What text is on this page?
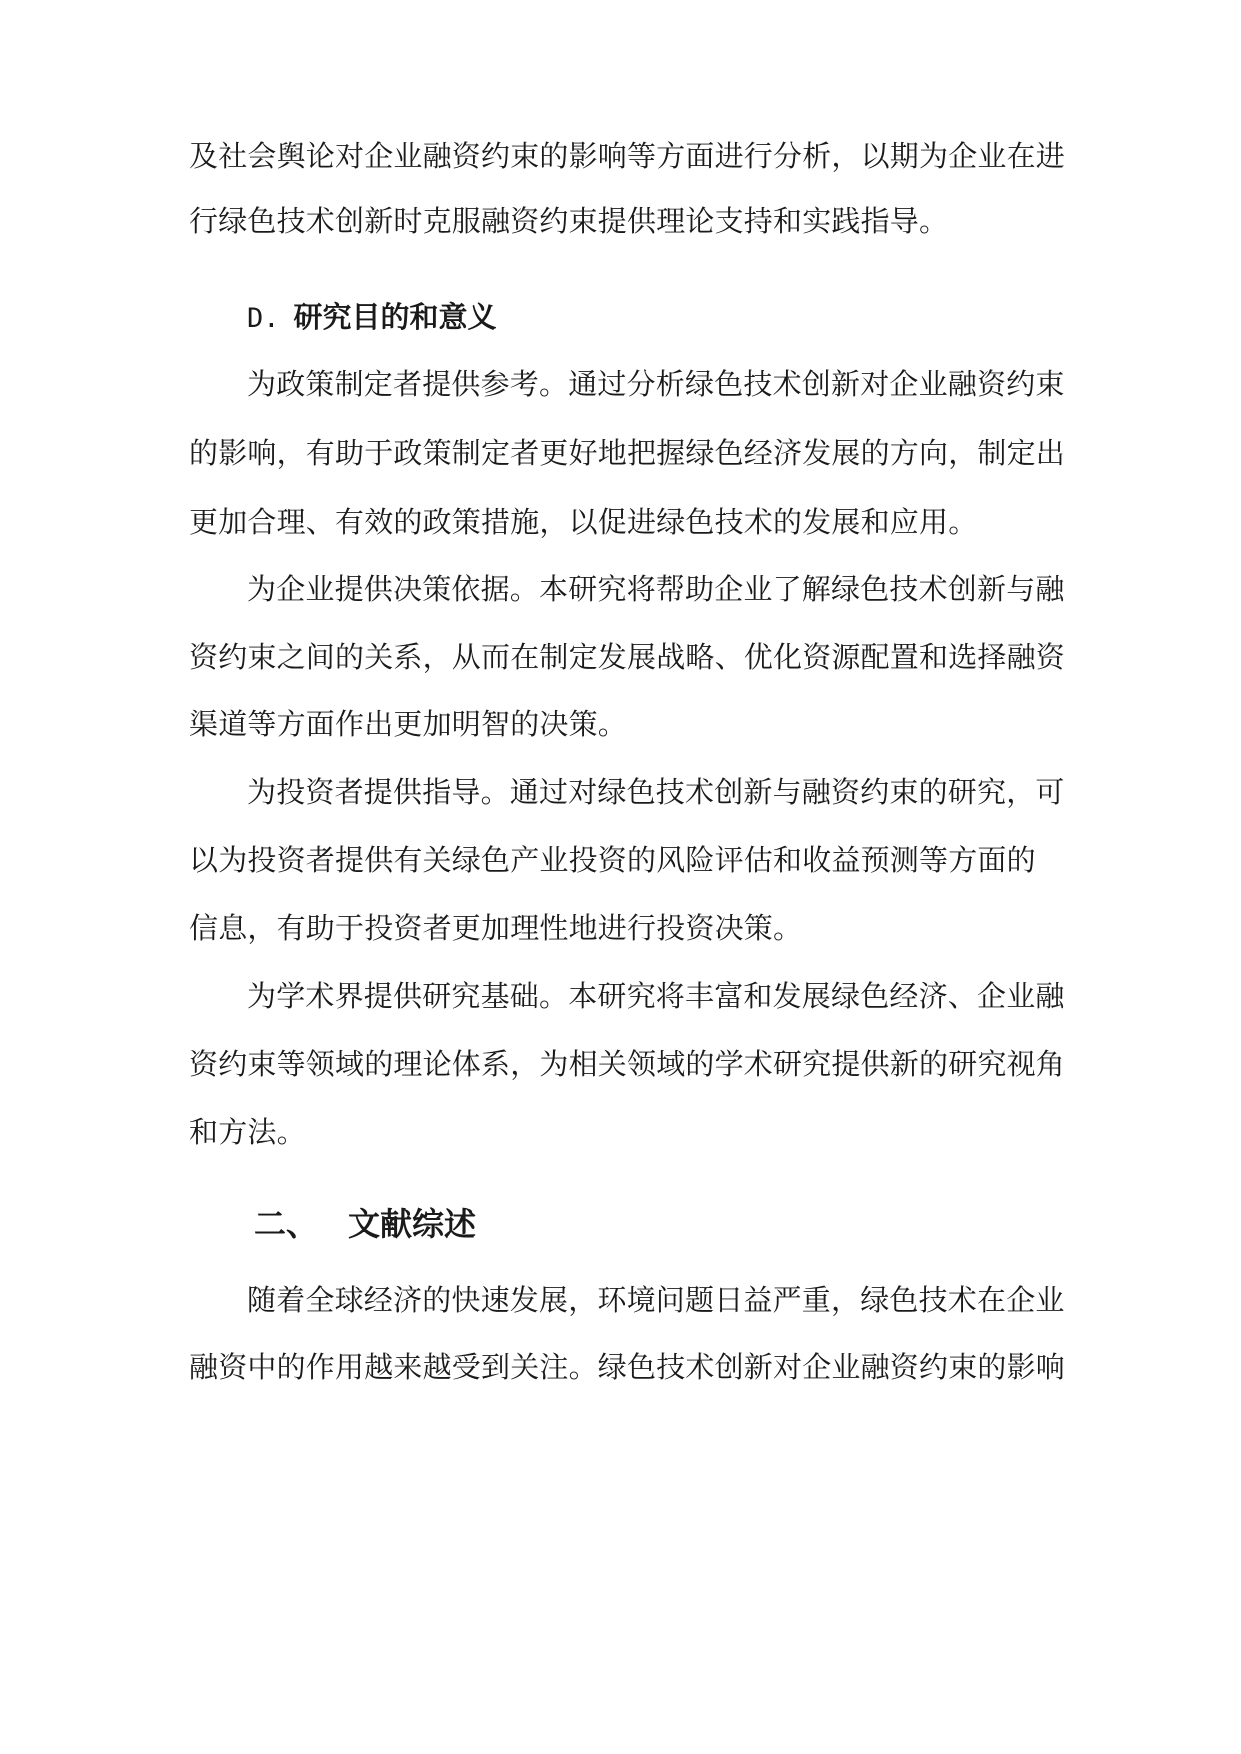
及社会舆论对企业融资约束的影响等方面进行分析，以期为企业在进
行绿色技术创新时克服融资约束提供理论支持和实践指导。
D. 研究目的和意义
为政策制定者提供参考。通过分析绿色技术创新对企业融资约束
的影响，有助于政策制定者更好地把握绿色经济发展的方向，制定出
更加合理、有效的政策措施，以促进绿色技术的发展和应用。
为企业提供决策依据。本研究将帮助企业了解绿色技术创新与融
资约束之间的关系，从而在制定发展战略、优化资源配置和选择融资
渠道等方面作出更加明智的决策。
为投资者提供指导。通过对绿色技术创新与融资约束的研究，可
以为投资者提供有关绿色产业投资的风险评估和收益预测等方面的
信息，有助于投资者更加理性地进行投资决策。
为学术界提供研究基础。本研究将丰富和发展绿色经济、企业融
资约束等领域的理论体系，为相关领域的学术研究提供新的研究视角
和方法。
二、 文献综述
随着全球经济的快速发展，环境问题日益严重，绿色技术在企业
融资中的作用越来越受到关注。绿色技术创新对企业融资约束的影响
